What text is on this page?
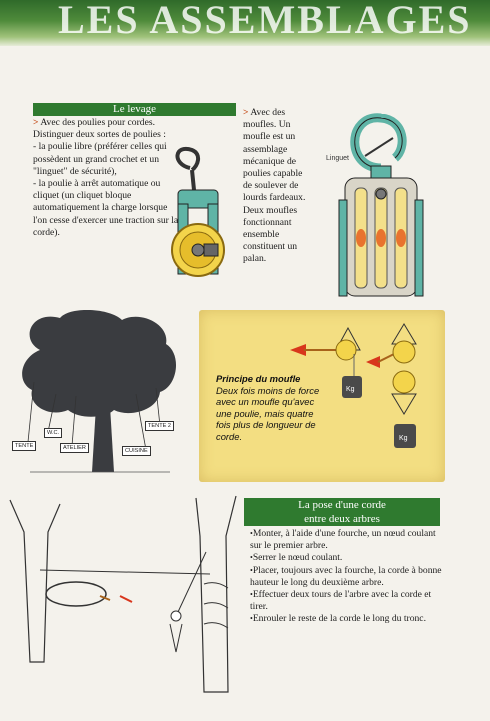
LES ASSEMBLAGES
Le levage

> Avec des poulies pour cordes.

Distinguer deux sortes de poulies :

- la poulie libre (préférer celles qui possèdent un grand crochet et un "linguet" de sécurité),

- la poulie à arrêt automatique ou cliquet (un cliquet bloque automatiquement la charge lorsque l'on cesse d'exercer une traction sur la corde).

> Avec des moufles. Un moufle est un assemblage mécanique de poulies capable de soulever de lourds fardeaux. Deux moufles fonctionnant ensemble constituent un palan.

Linguet
TENTE
W.C.
ATELIER
TENTE 2
CUISINE
Principe du moufle
Deux fois moins de force avec un moufle qu'avec une poulie, mais quatre fois plus de longueur de corde.
Kg
Kg
La pose d'une corde
entre deux arbres

•Monter, à l'aide d'une fourche, un nœud coulant sur le premier arbre.

•Serrer le nœud coulant.

•Placer, toujours avec la fourche, la corde à bonne hauteur le long du deuxième arbre.

•Effectuer deux tours de l'arbre avec la corde et tirer.

•Enrouler le reste de la corde le long du tronc.
